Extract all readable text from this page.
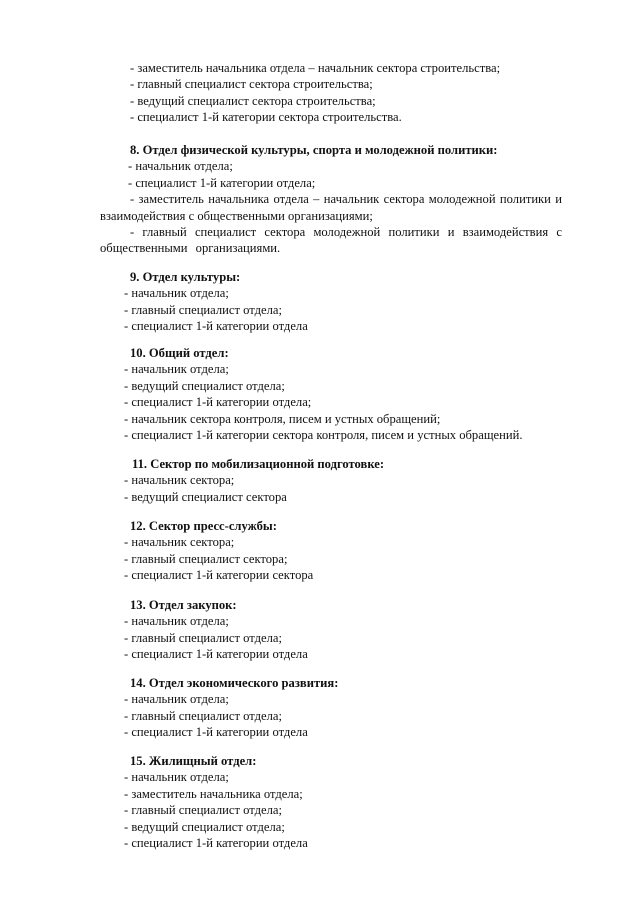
- заместитель начальника отдела – начальник сектора строительства;
- главный специалист сектора строительства;
- ведущий специалист сектора строительства;
- специалист 1-й категории сектора строительства.
8. Отдел физической культуры, спорта и молодежной политики:
- начальник отдела;
- специалист 1-й категории отдела;
- заместитель начальника отдела – начальник сектора молодежной политики и взаимодействия с общественными организациями;
- главный специалист сектора молодежной политики и взаимодействия с общественными организациями.
9. Отдел культуры:
- начальник отдела;
- главный специалист отдела;
- специалист 1-й категории отдела
10. Общий отдел:
- начальник отдела;
- ведущий специалист отдела;
- специалист 1-й категории отдела;
- начальник сектора контроля, писем и устных обращений;
- специалист 1-й категории сектора контроля, писем и устных обращений.
11. Сектор по мобилизационной подготовке:
- начальник сектора;
- ведущий специалист сектора
12. Сектор пресс-службы:
- начальник сектора;
- главный специалист сектора;
- специалист 1-й категории сектора
13. Отдел закупок:
- начальник отдела;
- главный специалист отдела;
- специалист 1-й категории отдела
14. Отдел экономического развития:
- начальник отдела;
- главный специалист отдела;
- специалист 1-й категории отдела
15. Жилищный отдел:
- начальник отдела;
- заместитель начальника отдела;
- главный специалист отдела;
- ведущий специалист отдела;
- специалист 1-й категории отдела
